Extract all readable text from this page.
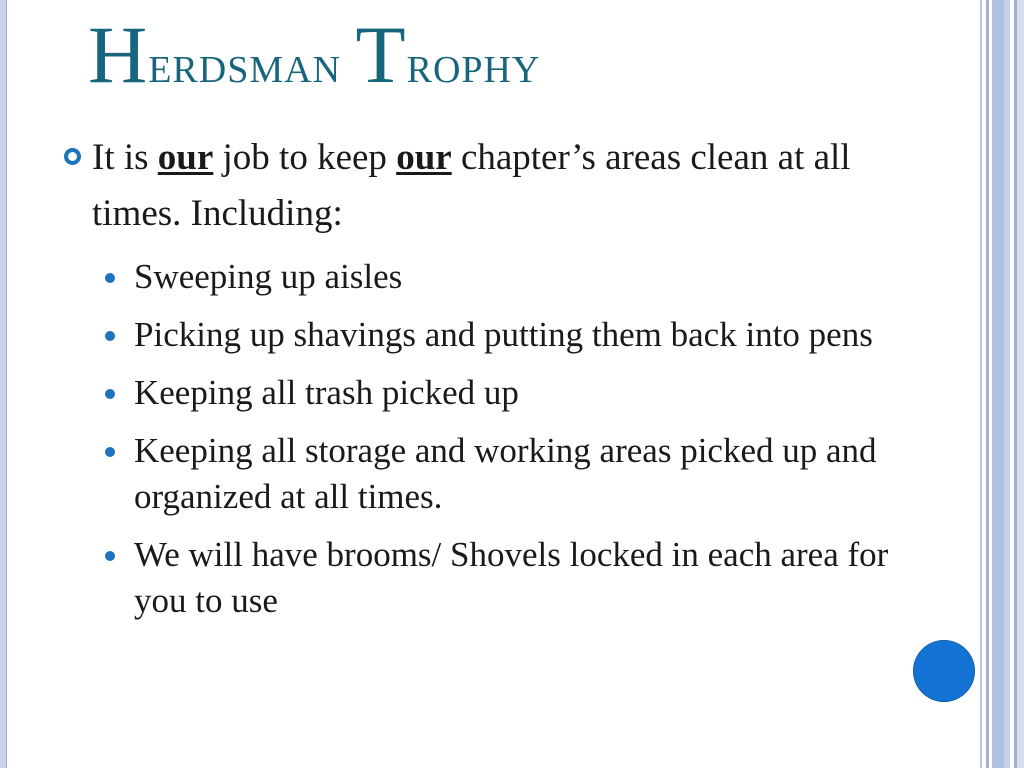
Herdsman Trophy
It is our job to keep our chapter’s areas clean at all times. Including:
Sweeping up aisles
Picking up shavings and putting them back into pens
Keeping all trash picked up
Keeping all storage and working areas picked up and organized at all times.
We will have brooms/ Shovels locked in each area for you to use
